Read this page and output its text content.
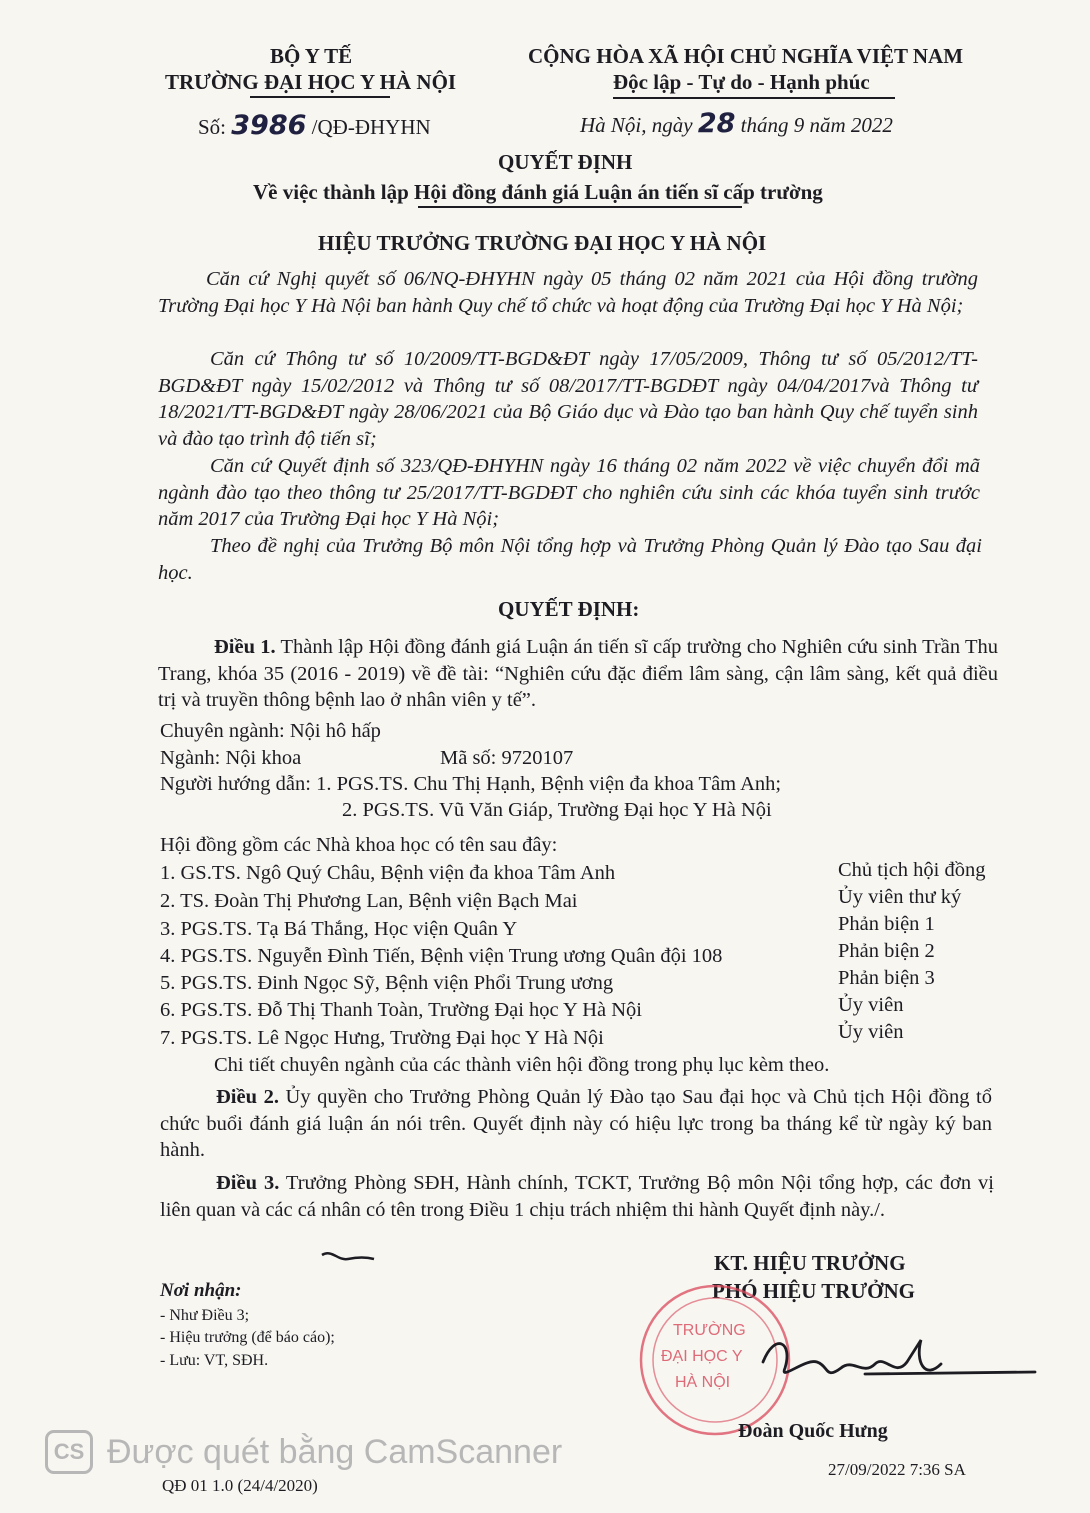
BỘ Y TẾ
TRƯỜNG ĐẠI HỌC Y HÀ NỘI
Số: 3986 /QĐ-ĐHYHN
CỘNG HÒA XÃ HỘI CHỦ NGHĨA VIỆT NAM
Độc lập - Tự do - Hạnh phúc
Hà Nội, ngày 28 tháng 9 năm 2022
QUYẾT ĐỊNH
Về việc thành lập Hội đồng đánh giá Luận án tiến sĩ cấp trường
HIỆU TRƯỞNG TRƯỜNG ĐẠI HỌC Y HÀ NỘI
Căn cứ Nghị quyết số 06/NQ-ĐHYHN ngày 05 tháng 02 năm 2021 của Hội đồng trường Trường Đại học Y Hà Nội ban hành Quy chế tổ chức và hoạt động của Trường Đại học Y Hà Nội;
Căn cứ Thông tư số 10/2009/TT-BGD&ĐT ngày 17/05/2009, Thông tư số 05/2012/TT-BGD&ĐT ngày 15/02/2012 và Thông tư số 08/2017/TT-BGDĐT ngày 04/04/2017và Thông tư 18/2021/TT-BGD&ĐT ngày 28/06/2021 của Bộ Giáo dục và Đào tạo ban hành Quy chế tuyển sinh và đào tạo trình độ tiến sĩ;
Căn cứ Quyết định số 323/QĐ-ĐHYHN ngày 16 tháng 02 năm 2022 về việc chuyển đổi mã ngành đào tạo theo thông tư 25/2017/TT-BGDĐT cho nghiên cứu sinh các khóa tuyển sinh trước năm 2017 của Trường Đại học Y Hà Nội;
Theo đề nghị của Trưởng Bộ môn Nội tổng hợp và Trưởng Phòng Quản lý Đào tạo Sau đại học.
QUYẾT ĐỊNH:
Điều 1. Thành lập Hội đồng đánh giá Luận án tiến sĩ cấp trường cho Nghiên cứu sinh Trần Thu Trang, khóa 35 (2016 - 2019) về đề tài: “Nghiên cứu đặc điểm lâm sàng, cận lâm sàng, kết quả điều trị và truyền thông bệnh lao ở nhân viên y tế”.
Chuyên ngành: Nội hô hấp
Ngành: Nội khoa	Mã số: 9720107
Người hướng dẫn: 1. PGS.TS. Chu Thị Hạnh, Bệnh viện đa khoa Tâm Anh;
2. PGS.TS. Vũ Văn Giáp, Trường Đại học Y Hà Nội
Hội đồng gồm các Nhà khoa học có tên sau đây:
1. GS.TS. Ngô Quý Châu, Bệnh viện đa khoa Tâm Anh	Chủ tịch hội đồng
2. TS. Đoàn Thị Phương Lan, Bệnh viện Bạch Mai	Ủy viên thư ký
3. PGS.TS. Tạ Bá Thắng, Học viện Quân Y	Phản biện 1
4. PGS.TS. Nguyễn Đình Tiến, Bệnh viện Trung ương Quân đội 108	Phản biện 2
5. PGS.TS. Đinh Ngọc Sỹ, Bệnh viện Phổi Trung ương	Phản biện 3
6. PGS.TS. Đỗ Thị Thanh Toàn, Trường Đại học Y Hà Nội	Ủy viên
7. PGS.TS. Lê Ngọc Hưng, Trường Đại học Y Hà Nội	Ủy viên
Chi tiết chuyên ngành của các thành viên hội đồng trong phụ lục kèm theo.
Điều 2. Ủy quyền cho Trưởng Phòng Quản lý Đào tạo Sau đại học và Chủ tịch Hội đồng tổ chức buổi đánh giá luận án nói trên. Quyết định này có hiệu lực trong ba tháng kể từ ngày ký ban hành.
Điều 3. Trưởng Phòng SĐH, Hành chính, TCKT, Trưởng Bộ môn Nội tổng hợp, các đơn vị liên quan và các cá nhân có tên trong Điều 1 chịu trách nhiệm thi hành Quyết định này./.
Nơi nhận:
- Như Điều 3;
- Hiệu trưởng (để báo cáo);
- Lưu: VT, SĐH.
KT. HIỆU TRƯỞNG
PHÓ HIỆU TRƯỞNG
TRƯỜNG
ĐẠI HỌC Y
HÀ NỘI
Đoàn Quốc Hưng
CS Được quét bằng CamScanner
QĐ 01 1.0 (24/4/2020)
27/09/2022 7:36 SA
